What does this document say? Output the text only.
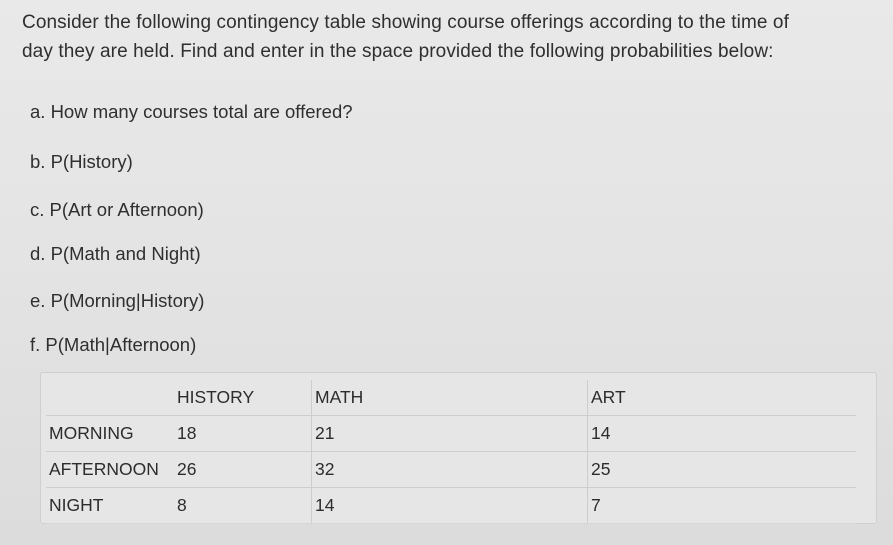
Consider the following contingency table showing course offerings according to the time of
day they are held. Find and enter in the space provided the following probabilities below:
a. How many courses total are offered?
b. P(History)
c. P(Art or Afternoon)
d. P(Math and Night)
e. P(Morning|History)
f. P(Math|Afternoon)
	HISTORY	MATH	ART
MORNING	18	21	14
AFTERNOON	26	32	25
NIGHT	8	14	7
